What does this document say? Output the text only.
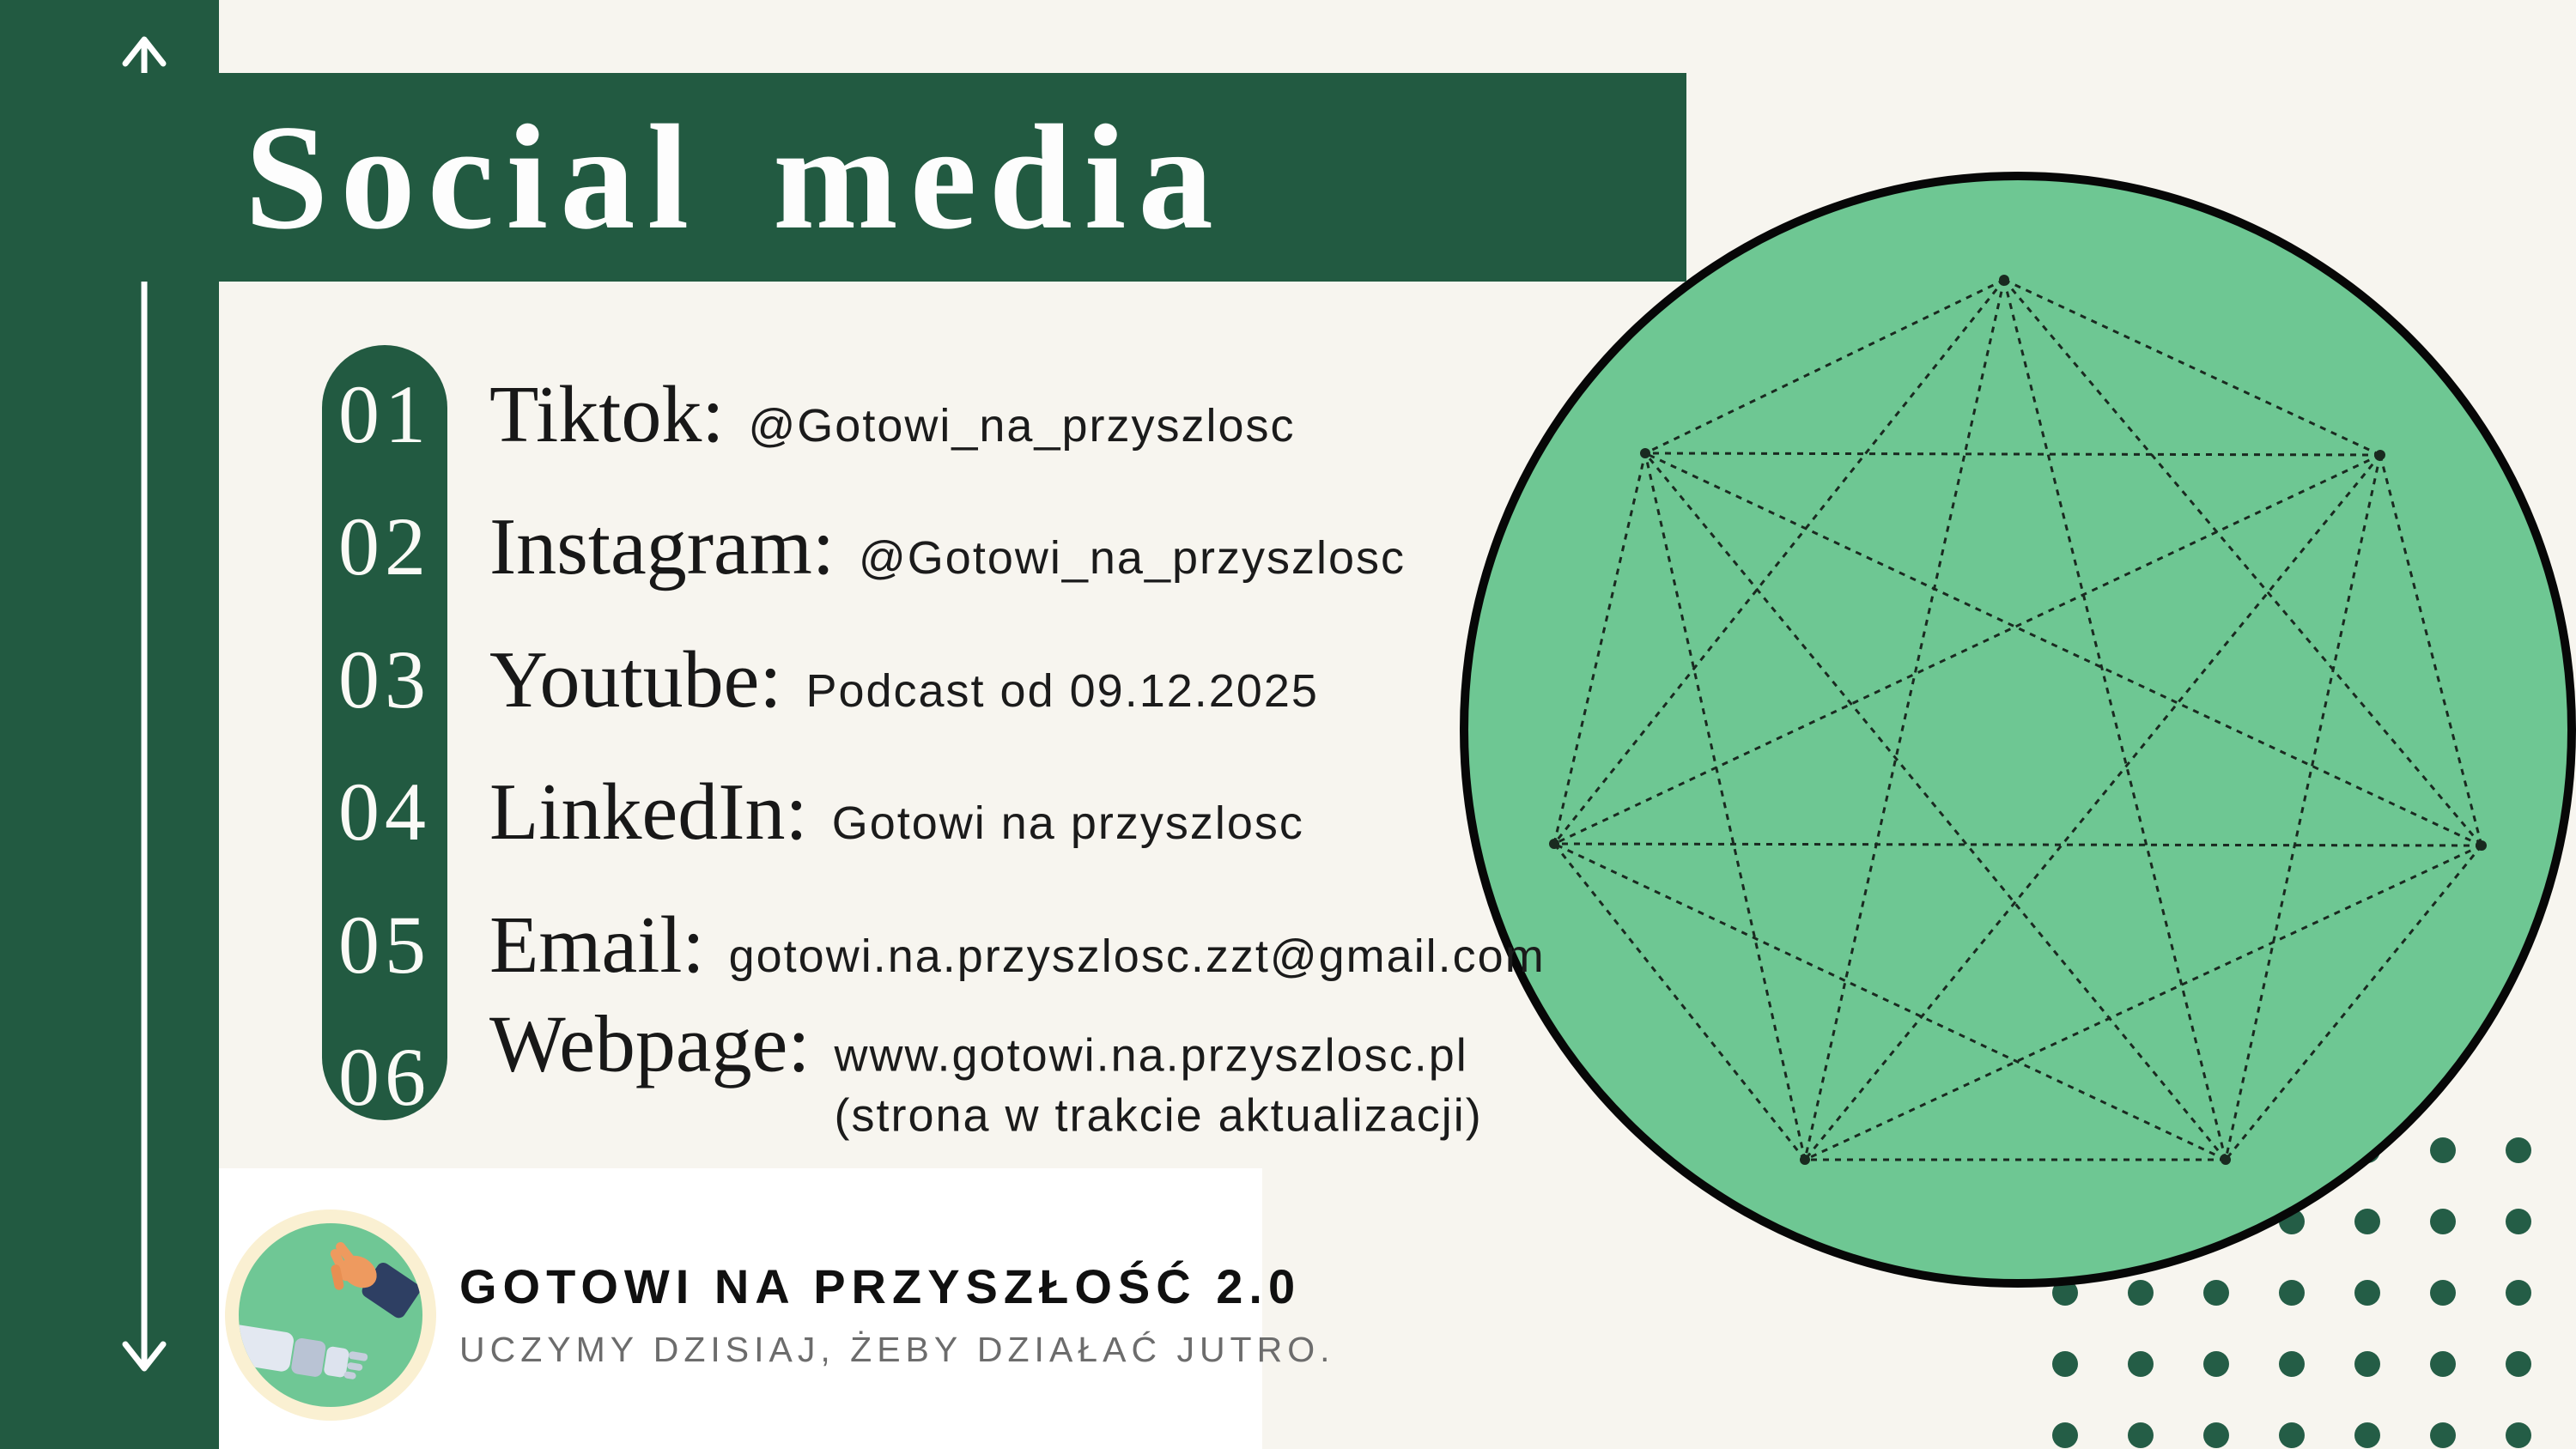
Social media
01
02
03
04
05
06
Tiktok: @Gotowi_na_przyszlosc
Instagram: @Gotowi_na_przyszlosc
Youtube: Podcast od 09.12.2025
LinkedIn: Gotowi na przyszlosc
Email: gotowi.na.przyszlosc.zzt@gmail.com
Webpage: www.gotowi.na.przyszlosc.pl
(strona w trakcie aktualizacji)
GOTOWI NA PRZYSZŁOŚĆ 2.0
UCZYMY DZISIAJ, ŻEBY DZIAŁAĆ JUTRO.
